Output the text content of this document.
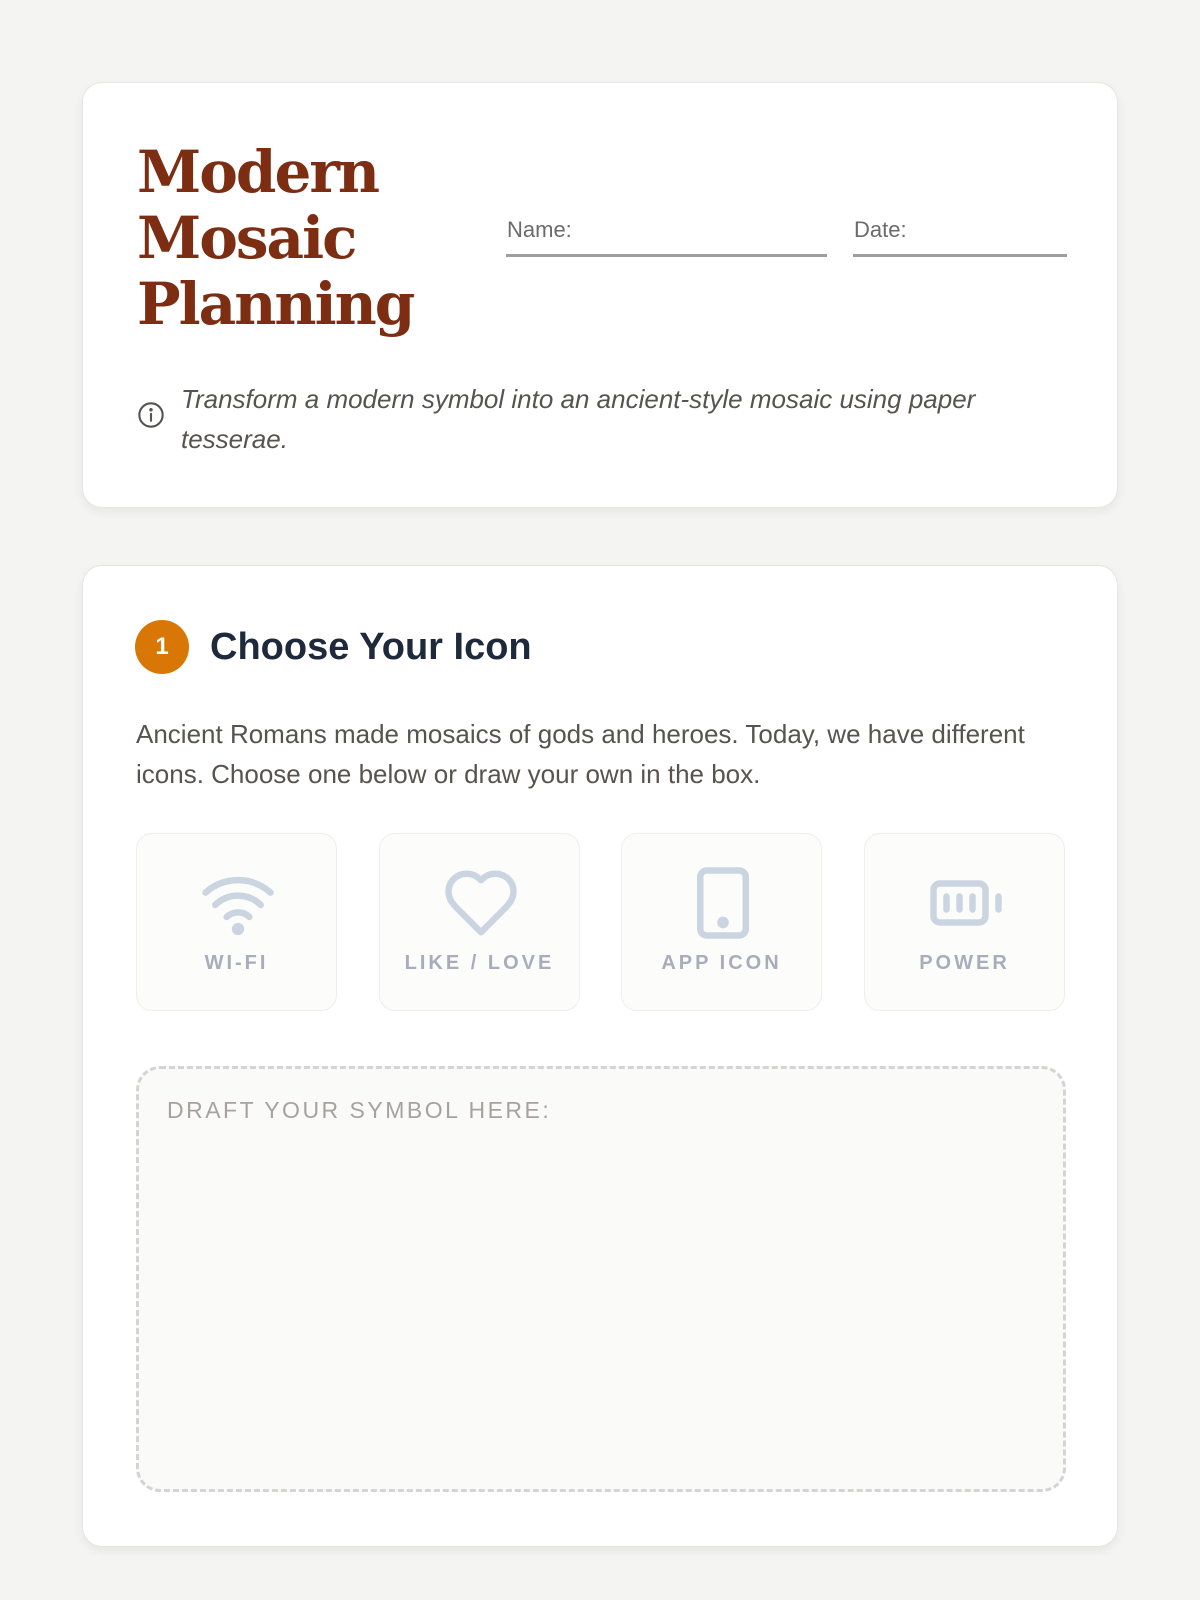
Modern
Mosaic
Planning
Name:	Date:
Transform a modern symbol into an ancient-style mosaic using paper tesserae.
1	Choose Your Icon

Ancient Romans made mosaics of gods and heroes. Today, we have different icons. Choose one below or draw your own in the box.

WI-FI	LIKE / LOVE	APP ICON	POWER
DRAFT YOUR SYMBOL HERE:
